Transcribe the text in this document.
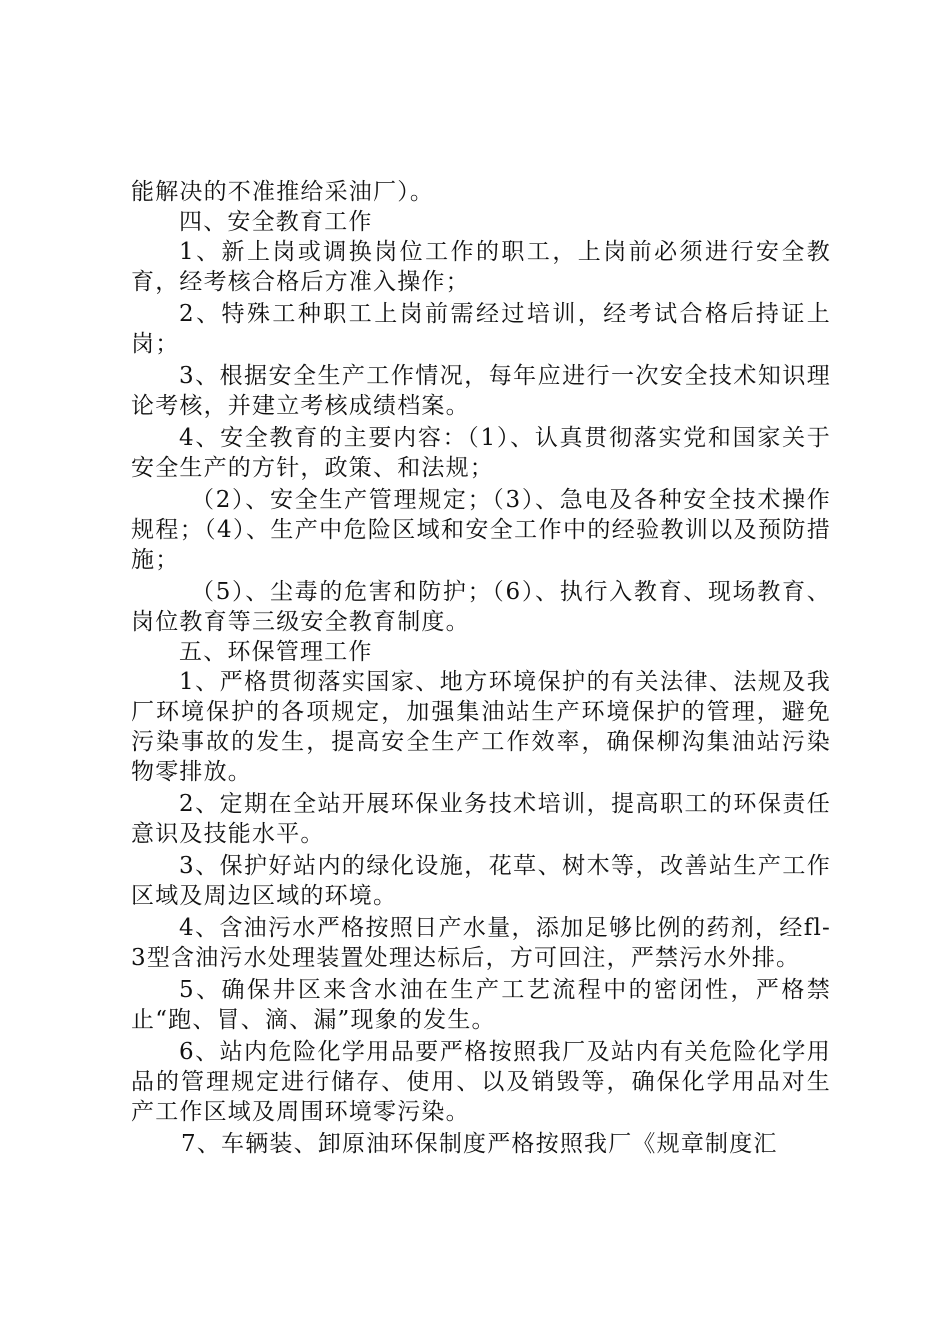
能解决的不准推给采油厂）。

四、安全教育工作

1、新上岗或调换岗位工作的职工，上岗前必须进行安全教育，经考核合格后方准入操作；

2、特殊工种职工上岗前需经过培训，经考试合格后持证上岗；

3、根据安全生产工作情况，每年应进行一次安全技术知识理论考核，并建立考核成绩档案。

4、安全教育的主要内容：（1）、认真贯彻落实党和国家关于安全生产的方针，政策、和法规；

（2）、安全生产管理规定；（3）、急电及各种安全技术操作规程；（4）、生产中危险区域和安全工作中的经验教训以及预防措施；

（5）、尘毒的危害和防护；（6）、执行入教育、现场教育、岗位教育等三级安全教育制度。

五、环保管理工作

1、严格贯彻落实国家、地方环境保护的有关法律、法规及我厂环境保护的各项规定，加强集油站生产环境保护的管理，避免污染事故的发生，提高安全生产工作效率，确保柳沟集油站污染物零排放。

2、定期在全站开展环保业务技术培训，提高职工的环保责任意识及技能水平。

3、保护好站内的绿化设施，花草、树木等，改善站生产工作区域及周边区域的环境。

4、含油污水严格按照日产水量，添加足够比例的药剂，经fl-3型含油污水处理装置处理达标后，方可回注，严禁污水外排。

5、确保井区来含水油在生产工艺流程中的密闭性，严格禁止“跑、冒、滴、漏”现象的发生。

6、站内危险化学用品要严格按照我厂及站内有关危险化学用品的管理规定进行储存、使用、以及销毁等，确保化学用品对生产工作区域及周围环境零污染。

7、车辆装、卸原油环保制度严格按照我厂《规章制度汇
